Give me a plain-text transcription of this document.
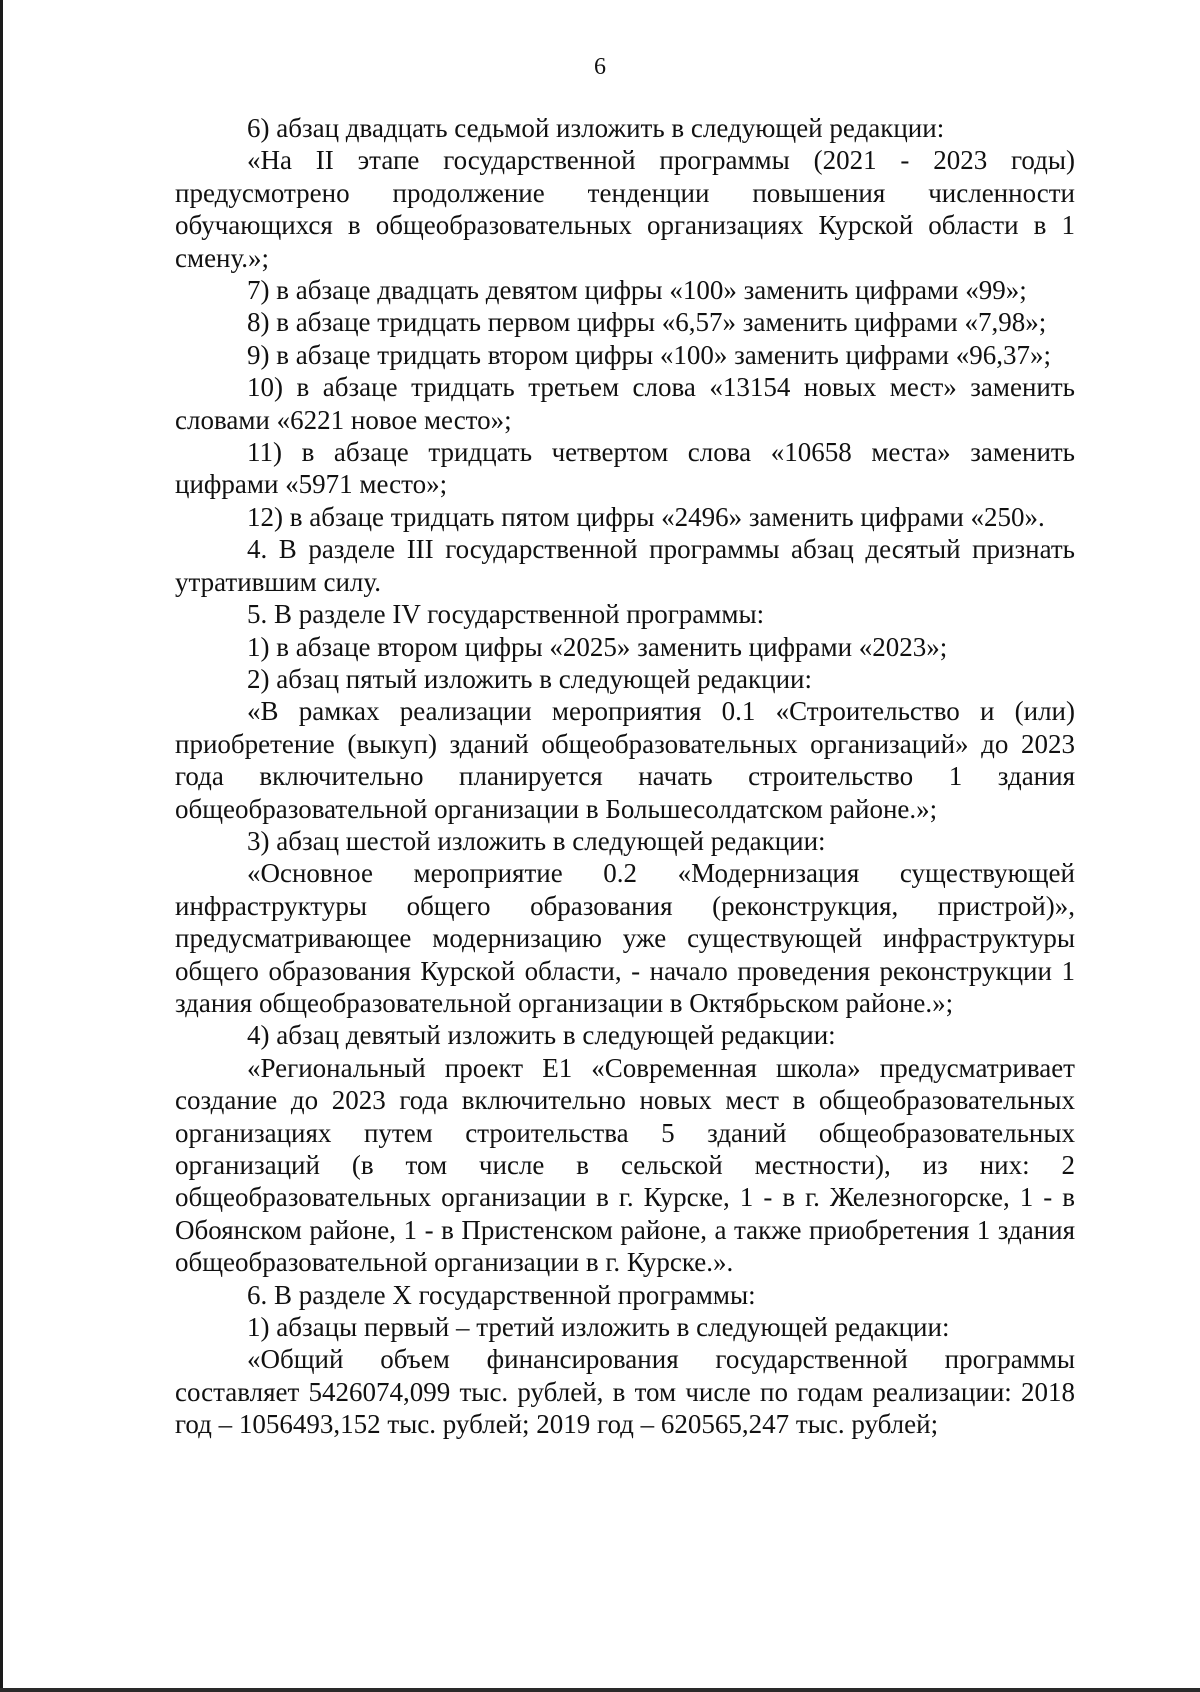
6

6) абзац двадцать седьмой изложить в следующей редакции:

«На II этапе государственной программы (2021 - 2023 годы) предусмотрено продолжение тенденции повышения численности обучающихся в общеобразовательных организациях Курской области в 1 смену.»;

7) в абзаце двадцать девятом цифры «100» заменить цифрами «99»;

8) в абзаце тридцать первом цифры «6,57» заменить цифрами «7,98»;

9) в абзаце тридцать втором цифры «100» заменить цифрами «96,37»;

10) в абзаце тридцать третьем слова «13154 новых мест» заменить словами «6221 новое место»;

11) в абзаце тридцать четвертом слова «10658 места» заменить цифрами «5971 место»;

12) в абзаце тридцать пятом цифры «2496» заменить цифрами «250».

4. В разделе III государственной программы абзац десятый признать утратившим силу.

5. В разделе IV государственной программы:

1) в абзаце втором цифры «2025» заменить цифрами «2023»;

2) абзац пятый изложить в следующей редакции:

«В рамках реализации мероприятия 0.1 «Строительство и (или) приобретение (выкуп) зданий общеобразовательных организаций» до 2023 года включительно планируется начать строительство 1 здания общеобразовательной организации в Большесолдатском районе.»;

3) абзац шестой изложить в следующей редакции:

«Основное мероприятие 0.2 «Модернизация существующей инфраструктуры общего образования (реконструкция, пристрой)», предусматривающее модернизацию уже существующей инфраструктуры общего образования Курской области, - начало проведения реконструкции 1 здания общеобразовательной организации в Октябрьском районе.»;

4) абзац девятый изложить в следующей редакции:

«Региональный проект Е1 «Современная школа» предусматривает создание до 2023 года включительно новых мест в общеобразовательных организациях путем строительства 5 зданий общеобразовательных организаций (в том числе в сельской местности), из них: 2 общеобразовательных организации в г. Курске, 1 - в г. Железногорске, 1 - в Обоянском районе, 1 - в Пристенском районе, а также приобретения 1 здания общеобразовательной организации в г. Курске.».

6. В разделе Х государственной программы:

1) абзацы первый – третий изложить в следующей редакции:

«Общий объем финансирования государственной программы составляет 5426074,099 тыс. рублей, в том числе по годам реализации: 2018 год – 1056493,152 тыс. рублей; 2019 год – 620565,247 тыс. рублей;
